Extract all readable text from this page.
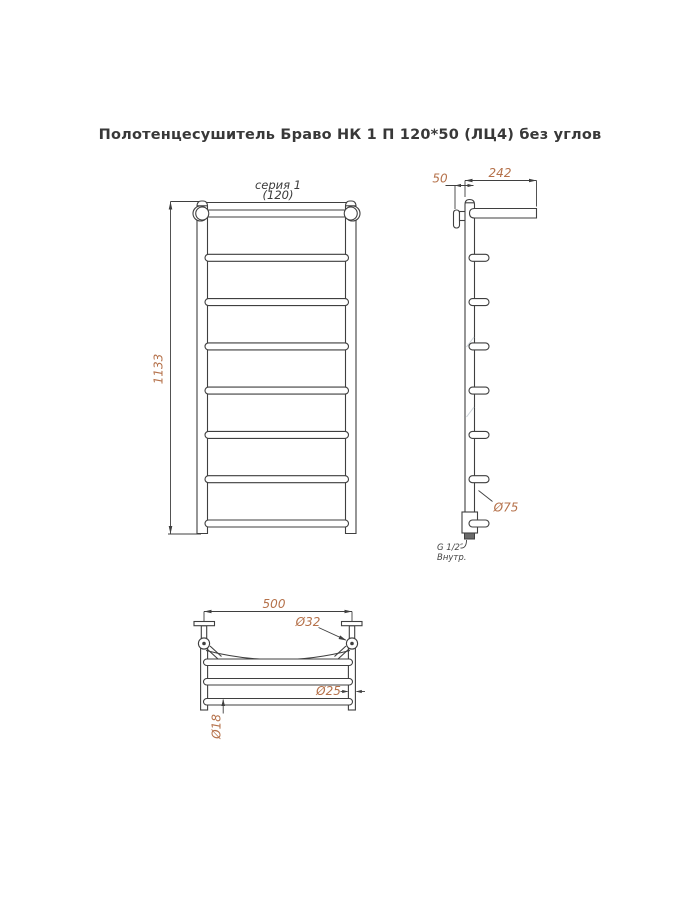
Полотенцесушитель Браво НК 1 П 120*50 (ЛЦ4) без углов
1133
серия 1
(120)
242
50
Ø75
G 1/2″
Внутр.
500
Ø32
Ø25
Ø18
